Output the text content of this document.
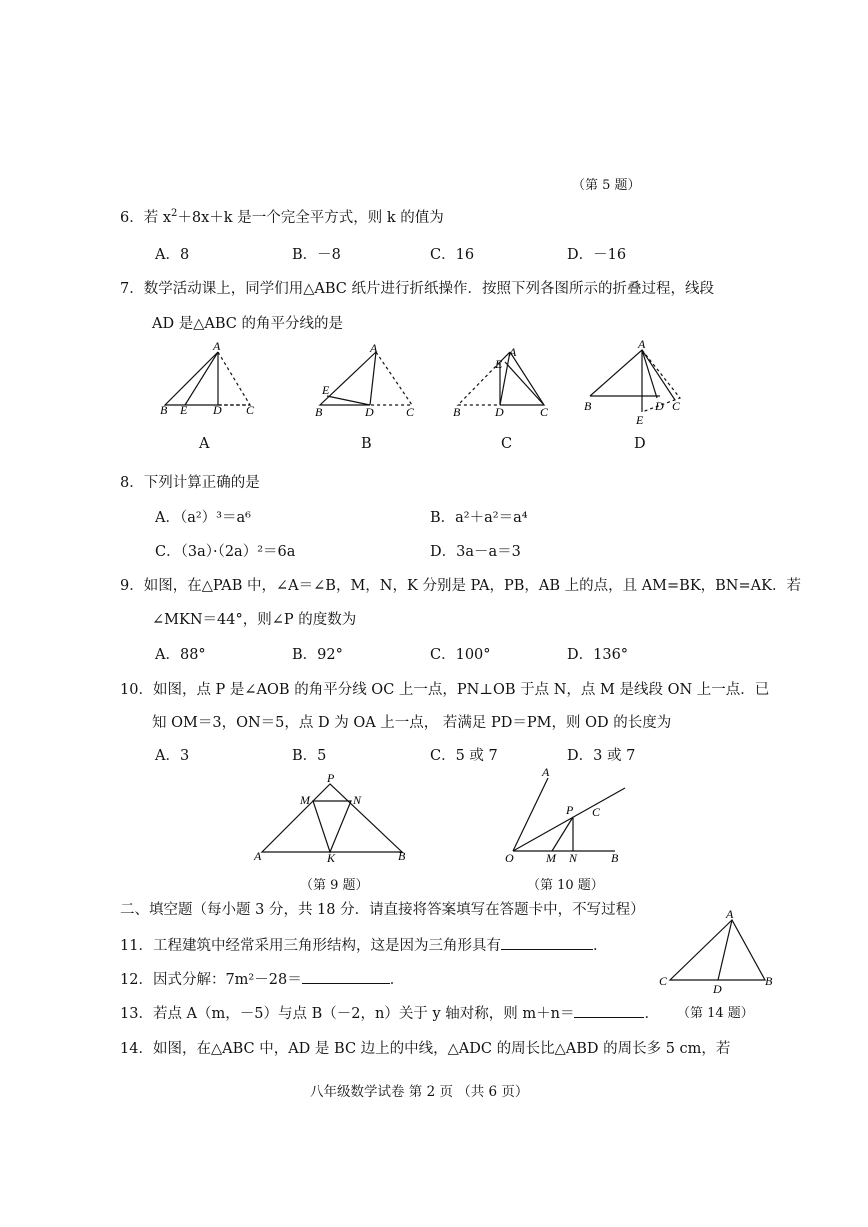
（第 5 题）
6．若 $x^2+8x+k$ 是一个完全平方式，则 k 的值为
A．8	B．－8	C．16	D．－16
7．数学活动课上，同学们用△ABC 纸片进行折纸操作．按照下列各图所示的折叠过程，线段
AD 是△ABC 的角平分线的是
A
B E D C
A
E
B	D	C
E
A
B	D	C
A
B	D C
E
A	B	C	D
8．下列计算正确的是
A．（a²）³＝a⁶	B．a²＋a²＝a⁴
C．（3a）·（2a）²＝6a	D．3a－a＝3
9．如图，在△PAB 中，∠A＝∠B，M，N，K 分别是 PA，PB，AB 上的点，且 AM=BK，BN=AK．若
∠MKN＝44°，则∠P 的度数为
A．88°	B．92°	C．100°	D．136°
10．如图，点 P 是∠AOB 的角平分线 OC 上一点，PN⊥OB 于点 N，点 M 是线段 ON 上一点．已
知 OM＝3，ON＝5，点 D 为 OA 上一点， 若满足 PD＝PM，则 OD 的长度为
A．3	B．5	C．5 或 7	D．3 或 7
P
M	N
A	K	B
（第 9 题）
A
P C
O	M N	B
（第 10 题）
二、填空题（每小题 3 分，共 18 分．请直接将答案填写在答题卡中，不写过程）
11．工程建筑中经常采用三角形结构，这是因为三角形具有	．
12．因式分解：7m²－28＝	．
13．若点 A（m，－5）与点 B（－2，n）关于 y 轴对称，则 m＋n＝	．
14．如图，在△ABC 中，AD 是 BC 边上的中线，△ADC 的周长比△ABD 的周长多 5 cm，若
A
C	B
D
（第 14 题）
八年级数学试卷 第 2 页 （共 6 页）
